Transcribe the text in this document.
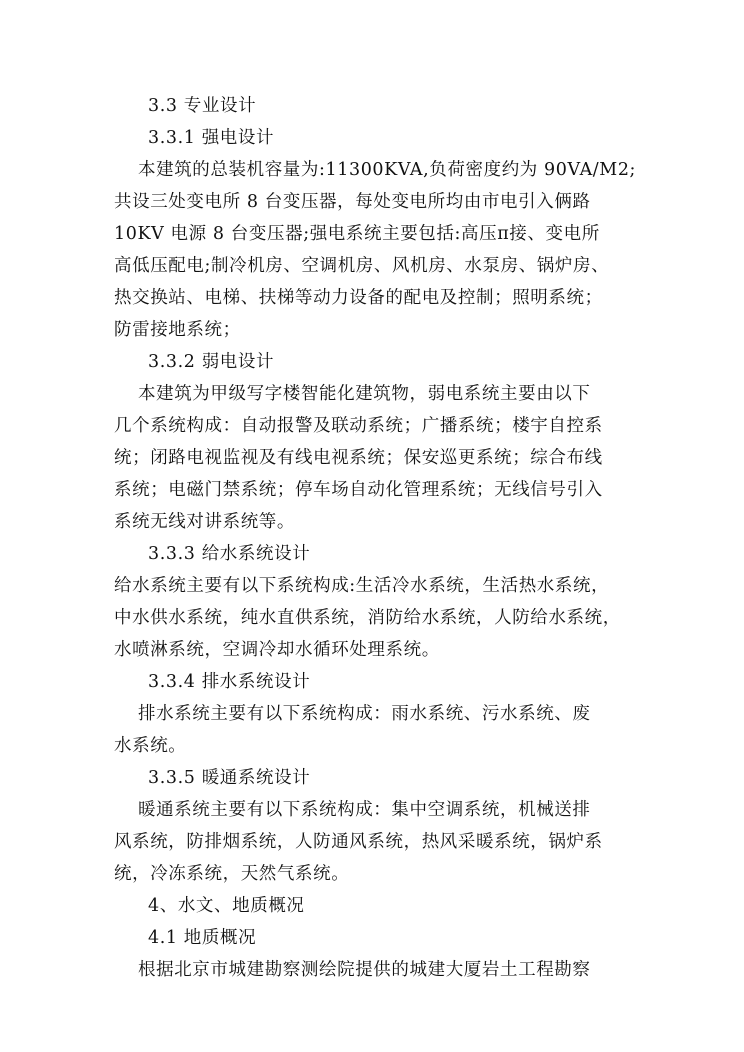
3.3 专业设计
3.3.1 强电设计
本建筑的总装机容量为:11300KVA,负荷密度约为 90VA/M2;
共设三处变电所 8 台变压器，每处变电所均由市电引入俩路
10KV 电源 8 台变压器;强电系统主要包括:高压π接、变电所
高低压配电;制冷机房、空调机房、风机房、水泵房、锅炉房、
热交换站、电梯、扶梯等动力设备的配电及控制；照明系统；
防雷接地系统；
3.3.2 弱电设计
本建筑为甲级写字楼智能化建筑物，弱电系统主要由以下
几个系统构成：自动报警及联动系统；广播系统；楼宇自控系
统；闭路电视监视及有线电视系统；保安巡更系统；综合布线
系统；电磁门禁系统；停车场自动化管理系统；无线信号引入
系统无线对讲系统等。
3.3.3 给水系统设计
给水系统主要有以下系统构成:生活冷水系统，生活热水系统，
中水供水系统，纯水直供系统，消防给水系统，人防给水系统，
水喷淋系统，空调冷却水循环处理系统。
3.3.4 排水系统设计
排水系统主要有以下系统构成：雨水系统、污水系统、废
水系统。
3.3.5 暖通系统设计
暖通系统主要有以下系统构成：集中空调系统，机械送排
风系统，防排烟系统，人防通风系统，热风采暖系统，锅炉系
统，冷冻系统，天然气系统。
4、水文、地质概况
4.1 地质概况
根据北京市城建勘察测绘院提供的城建大厦岩土工程勘察
